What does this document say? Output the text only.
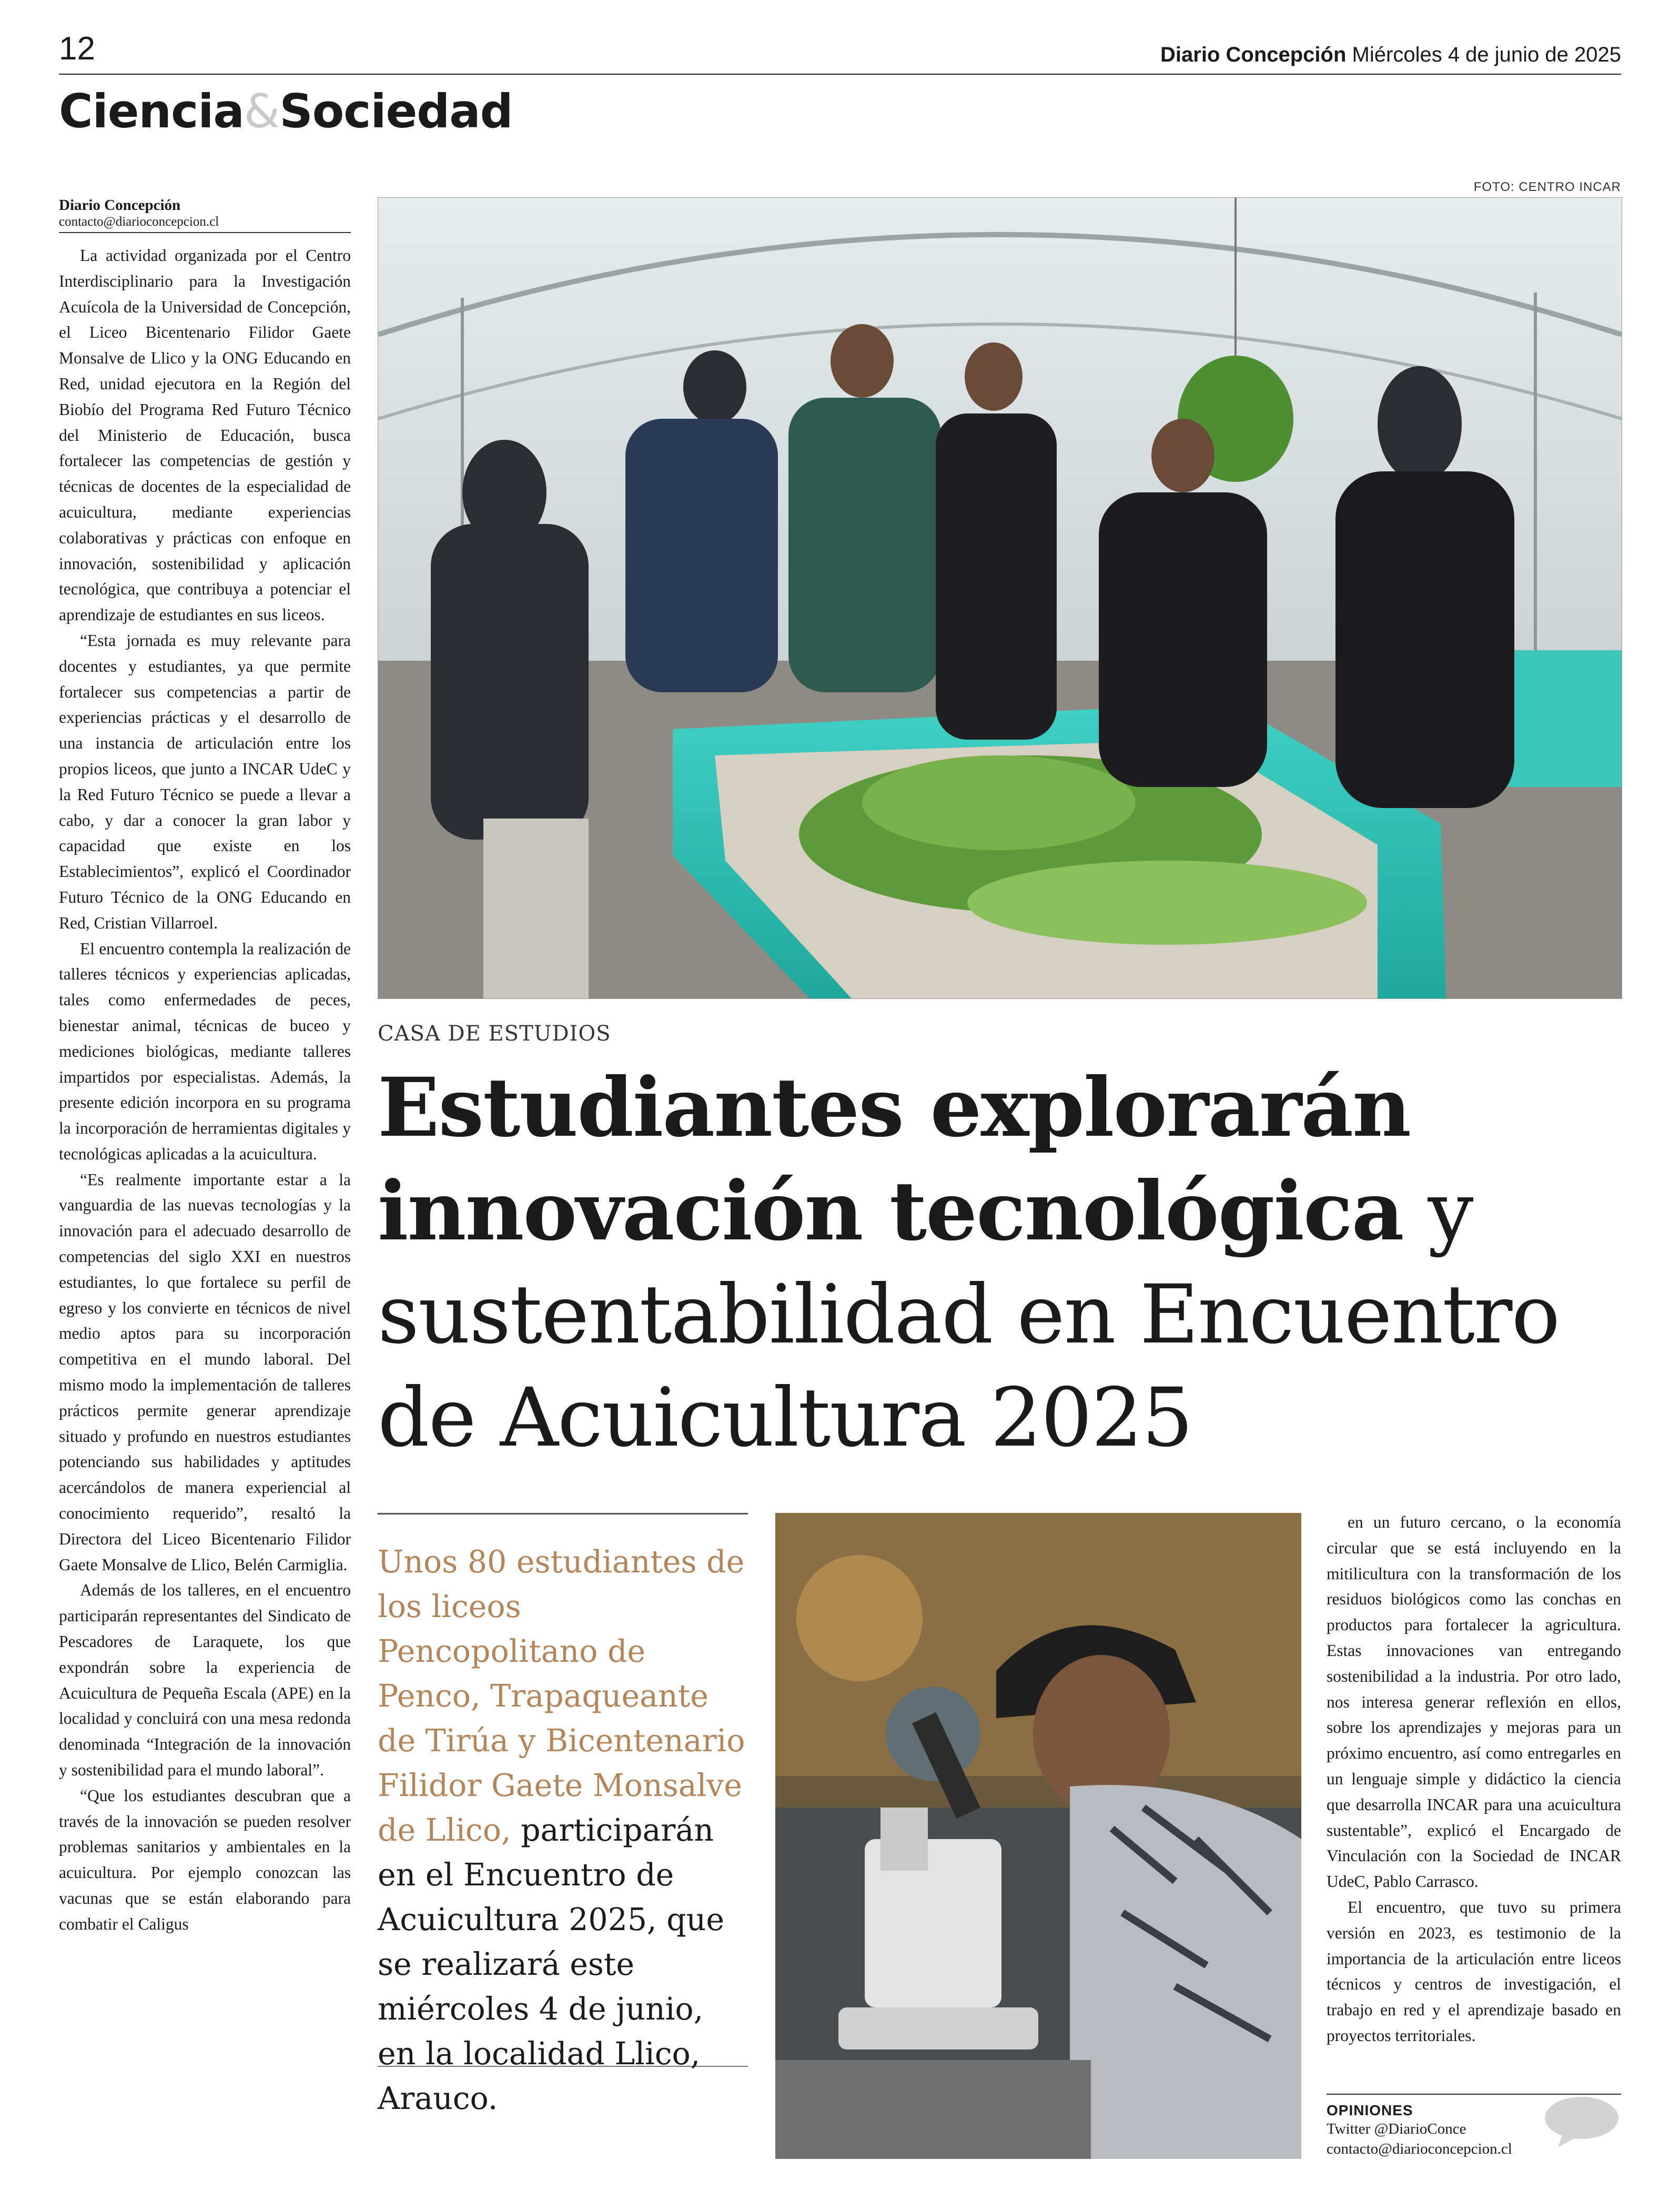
12	Diario Concepción Miércoles 4 de junio de 2025
Ciencia&Sociedad
Diario Concepción
contacto@diarioconcepcion.cl

La actividad organizada por el Centro Interdisciplinario para la Investigación Acuícola de la Universidad de Concepción, el Liceo Bicentenario Filidor Gaete Monsalve de Llico y la ONG Educando en Red, unidad ejecutora en la Región del Biobío del Programa Red Futuro Técnico del Ministerio de Educación, busca fortalecer las competencias de gestión y técnicas de docentes de la especialidad de acuicultura, mediante experiencias colaborativas y prácticas con enfoque en innovación, sostenibilidad y aplicación tecnológica, que contribuya a potenciar el aprendizaje de estudiantes en sus liceos.

“Esta jornada es muy relevante para docentes y estudiantes, ya que permite fortalecer sus competencias a partir de experiencias prácticas y el desarrollo de una instancia de articulación entre los propios liceos, que junto a INCAR UdeC y la Red Futuro Técnico se puede a llevar a cabo, y dar a conocer la gran labor y capacidad que existe en los Establecimientos”, explicó el Coordinador Futuro Técnico de la ONG Educando en Red, Cristian Villarroel.

El encuentro contempla la realización de talleres técnicos y experiencias aplicadas, tales como enfermedades de peces, bienestar animal, técnicas de buceo y mediciones biológicas, mediante talleres impartidos por especialistas. Además, la presente edición incorpora en su programa la incorporación de herramientas digitales y tecnológicas aplicadas a la acuicultura.

“Es realmente importante estar a la vanguardia de las nuevas tecnologías y la innovación para el adecuado desarrollo de competencias del siglo XXI en nuestros estudiantes, lo que fortalece su perfil de egreso y los convierte en técnicos de nivel medio aptos para su incorporación competitiva en el mundo laboral. Del mismo modo la implementación de talleres prácticos permite generar aprendizaje situado y profundo en nuestros estudiantes potenciando sus habilidades y aptitudes acercándolos de manera experiencial al conocimiento requerido”, resaltó la Directora del Liceo Bicentenario Filidor Gaete Monsalve de Llico, Belén Carmiglia.

Además de los talleres, en el encuentro participarán representantes del Sindicato de Pescadores de Laraquete, los que expondrán sobre la experiencia de Acuicultura de Pequeña Escala (APE) en la localidad y concluirá con una mesa redonda denominada “Integración de la innovación y sostenibilidad para el mundo laboral”.

“Que los estudiantes descubran que a través de la innovación se pueden resolver problemas sanitarios y ambientales en la acuicultura. Por ejemplo conozcan las vacunas que se están elaborando para combatir el Caligus

FOTO: CENTRO INCAR
CASA DE ESTUDIOS
Estudiantes explorarán innovación tecnológica y sustentabilidad en Encuentro de Acuicultura 2025

Unos 80 estudiantes de los liceos Pencopolitano de Penco, Trapaqueante de Tirúa y Bicentenario Filidor Gaete Monsalve de Llico, participarán en el Encuentro de Acuicultura 2025, que se realizará este miércoles 4 de junio, en la localidad Llico, Arauco.

en un futuro cercano, o la economía circular que se está incluyendo en la mitilicultura con la transformación de los residuos biológicos como las conchas en productos para fortalecer la agricultura. Estas innovaciones van entregando sostenibilidad a la industria. Por otro lado, nos interesa generar reflexión en ellos, sobre los aprendizajes y mejoras para un próximo encuentro, así como entregarles en un lenguaje simple y didáctico la ciencia que desarrolla INCAR para una acuicultura sustentable”, explicó el Encargado de Vinculación con la Sociedad de INCAR UdeC, Pablo Carrasco.

El encuentro, que tuvo su primera versión en 2023, es testimonio de la importancia de la articulación entre liceos técnicos y centros de investigación, el trabajo en red y el aprendizaje basado en proyectos territoriales.

OPINIONES
Twitter @DiarioConce
contacto@diarioconcepcion.cl
